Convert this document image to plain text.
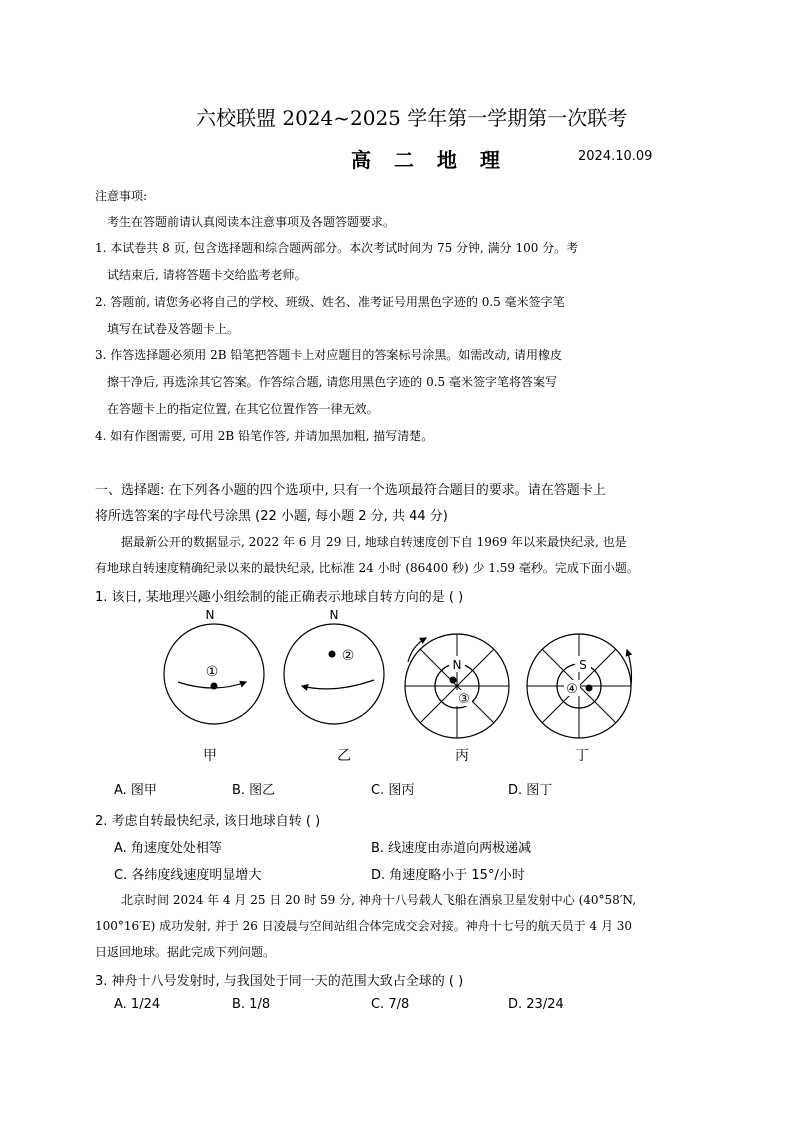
六校联盟 2024~2025 学年第一学期第一次联考
高 二 地 理	2024.10.09
注意事项:
考生在答题前请认真阅读本注意事项及各题答题要求。
1. 本试卷共 8 页, 包含选择题和综合题两部分。本次考试时间为 75 分钟, 满分 100 分。考
试结束后, 请将答题卡交给监考老师。
2. 答题前, 请您务必将自己的学校、班级、姓名、准考证号用黑色字迹的 0.5 毫米签字笔
填写在试卷及答题卡上。
3. 作答选择题必须用 2B 铅笔把答题卡上对应题目的答案标号涂黑。如需改动, 请用橡皮
擦干净后, 再选涂其它答案。作答综合题, 请您用黑色字迹的 0.5 毫米签字笔将答案写
在答题卡上的指定位置, 在其它位置作答一律无效。
4. 如有作图需要, 可用 2B 铅笔作答, 并请加黑加粗, 描写清楚。
一、选择题: 在下列各小题的四个选项中, 只有一个选项最符合题目的要求。请在答题卡上
将所选答案的字母代号涂黑 (22 小题, 每小题 2 分, 共 44 分)
据最新公开的数据显示, 2022 年 6 月 29 日, 地球自转速度创下自 1969 年以来最快纪录, 也是
有地球自转速度精确纪录以来的最快纪录, 比标准 24 小时 (86400 秒) 少 1.59 毫秒。完成下面小题。
1. 该日, 某地理兴趣小组绘制的能正确表示地球自转方向的是 ( )
N
①
甲
N
②
乙
N
③
丙
S
④
丁
A. 图甲	B. 图乙	C. 图丙	D. 图丁
2. 考虑自转最快纪录, 该日地球自转 ( )
A. 角速度处处相等	B. 线速度由赤道向两极递减
C. 各纬度线速度明显增大	D. 角速度略小于 15°/小时
北京时间 2024 年 4 月 25 日 20 时 59 分, 神舟十八号载人飞船在酒泉卫星发射中心 (40°58′N,
100°16′E) 成功发射, 并于 26 日凌晨与空间站组合体完成交会对接。神舟十七号的航天员于 4 月 30
日返回地球。据此完成下列问题。
3. 神舟十八号发射时, 与我国处于同一天的范围大致占全球的 ( )
A. 1/24	B. 1/8	C. 7/8	D. 23/24
